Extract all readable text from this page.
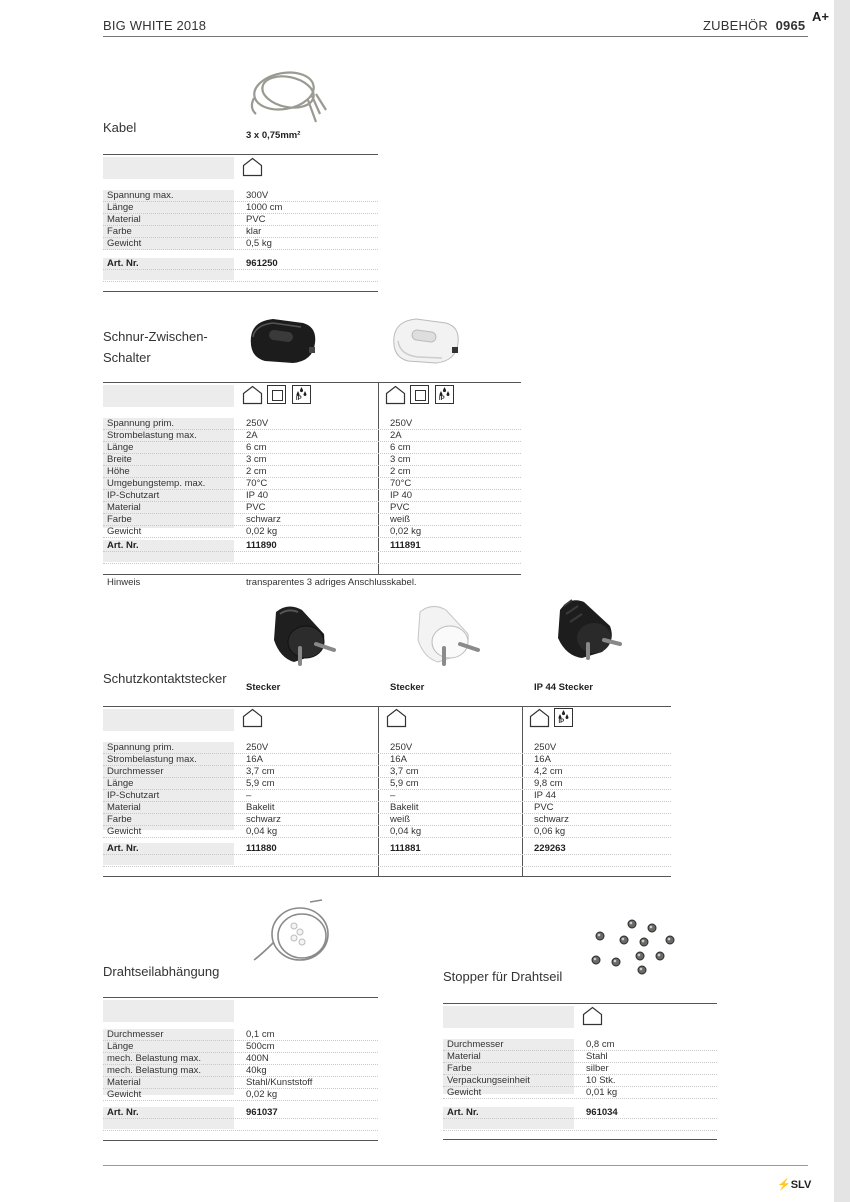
BIG WHITE 2018	ZUBEHÖR 0965
A+
Kabel
3 x 0,75mm²
Spannung max.	300V
Länge	1000 cm
Material	PVC
Farbe	klar
Gewicht	0,5 kg
Art. Nr.	961250
Schnur-Zwischen-
Schalter

IP

	IP
Spannung prim.	250V	250V
Strombelastung max.	2A	2A
Länge	6 cm	6 cm
Breite	3 cm	3 cm
Höhe	2 cm	2 cm
Umgebungstemp. max.	70°C	70°C
IP-Schutzart	IP 40	IP 40
Material	PVC	PVC
Farbe	schwarz	weiß
Gewicht	0,02 kg	0,02 kg
Art. Nr.	111890	111891
Hinweis	transparentes 3 adriges Anschlusskabel.
Schutzkontaktstecker
Stecker	Stecker	IP 44 Stecker

IP
Spannung prim.	250V	250V	250V
Strombelastung max.	16A	16A	16A
Durchmesser	3,7 cm	3,7 cm	4,2 cm
Länge	5,9 cm	5,9 cm	9,8 cm
IP-Schutzart	–	–	IP 44
Material	Bakelit	Bakelit	PVC
Farbe	schwarz	weiß	schwarz
Gewicht	0,04 kg	0,04 kg	0,06 kg
Art. Nr.	111880	111881	229263
Drahtseilabhängung
Durchmesser	0,1 cm
Länge	500cm
mech. Belastung max.	400N
mech. Belastung max.	40kg
Material	Stahl/Kunststoff
Gewicht	0,02 kg
Art. Nr.	961037
Stopper für Drahtseil
Durchmesser	0,8 cm
Material	Stahl
Farbe	silber
Verpackungseinheit	10 Stk.
Gewicht	0,01 kg
Art. Nr.	961034
⚡SLV
